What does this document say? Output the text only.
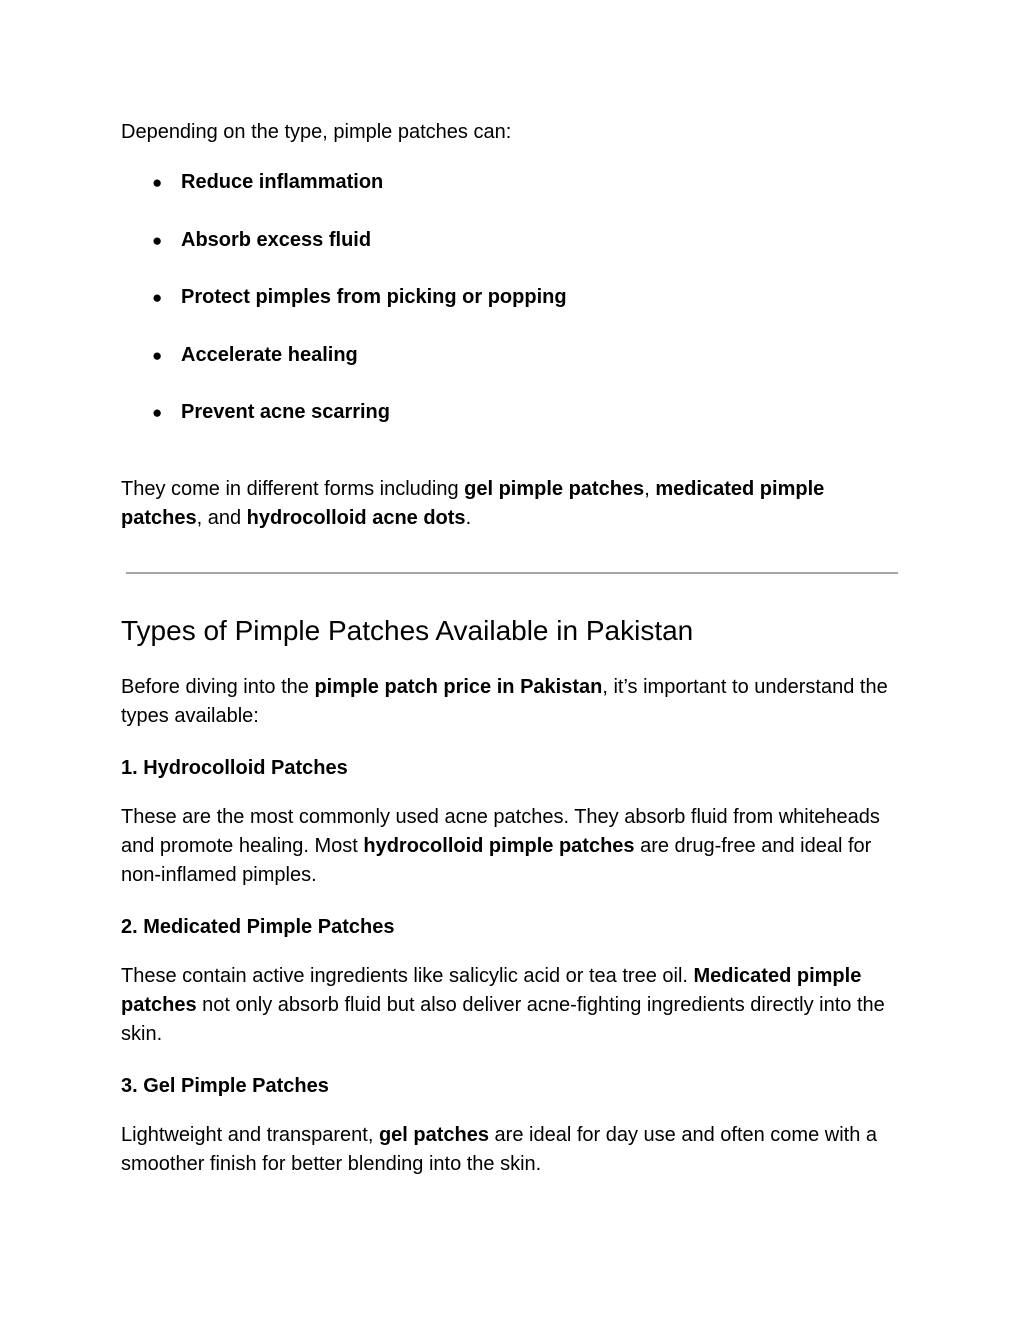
Depending on the type, pimple patches can:

● Reduce inflammation
● Absorb excess fluid
● Protect pimples from picking or popping
● Accelerate healing
● Prevent acne scarring

They come in different forms including gel pimple patches, medicated pimple patches, and hydrocolloid acne dots.

Types of Pimple Patches Available in Pakistan

Before diving into the pimple patch price in Pakistan, it’s important to understand the types available:

1. Hydrocolloid Patches

These are the most commonly used acne patches. They absorb fluid from whiteheads and promote healing. Most hydrocolloid pimple patches are drug-free and ideal for non-inflamed pimples.

2. Medicated Pimple Patches

These contain active ingredients like salicylic acid or tea tree oil. Medicated pimple patches not only absorb fluid but also deliver acne-fighting ingredients directly into the skin.

3. Gel Pimple Patches

Lightweight and transparent, gel patches are ideal for day use and often come with a smoother finish for better blending into the skin.
